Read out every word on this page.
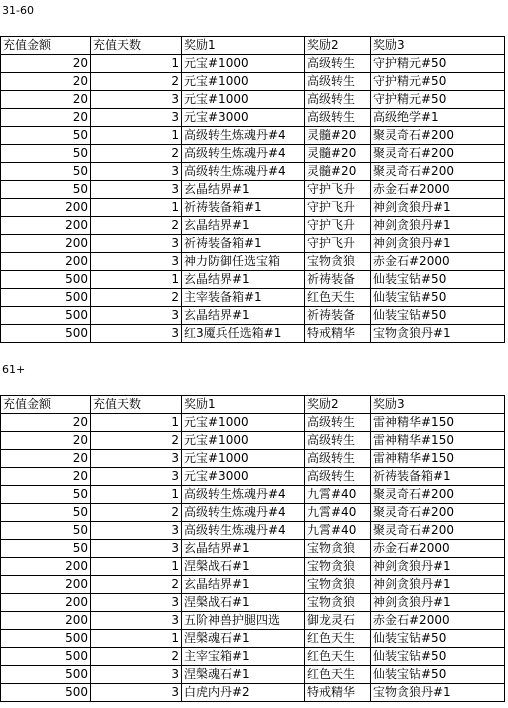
31-60
充值金额	充值天数	奖励1	奖励2	奖励3
20	1	元宝#1000	高级转生	守护精元#50
20	2	元宝#1000	高级转生	守护精元#50
20	3	元宝#1000	高级转生	守护精元#50
20	3	元宝#3000	高级转生	高级绝学#1
50	1	高级转生炼魂丹#4	灵髓#20	聚灵奇石#200
50	2	高级转生炼魂丹#4	灵髓#20	聚灵奇石#200
50	3	高级转生炼魂丹#4	灵髓#20	聚灵奇石#200
50	3	玄晶结界#1	守护飞升	赤金石#2000
200	1	祈祷装备箱#1	守护飞升	神剑贪狼丹#1
200	2	玄晶结界#1	守护飞升	神剑贪狼丹#1
200	3	祈祷装备箱#1	守护飞升	神剑贪狼丹#1
200	3	神力防御任选宝箱	宝物贪狼	赤金石#2000
500	1	玄晶结界#1	祈祷装备	仙装宝钻#50
500	2	主宰装备箱#1	红色天生	仙装宝钻#50
500	3	玄晶结界#1	祈祷装备	仙装宝钻#50
500	3	红3魇兵任选箱#1	特戒精华	宝物贪狼丹#1
61+
充值金额	充值天数	奖励1	奖励2	奖励3
20	1	元宝#1000	高级转生	雷神精华#150
20	2	元宝#1000	高级转生	雷神精华#150
20	3	元宝#1000	高级转生	雷神精华#150
20	3	元宝#3000	高级转生	祈祷装备箱#1
50	1	高级转生炼魂丹#4	九霄#40	聚灵奇石#200
50	2	高级转生炼魂丹#4	九霄#40	聚灵奇石#200
50	3	高级转生炼魂丹#4	九霄#40	聚灵奇石#200
50	3	玄晶结界#1	宝物贪狼	赤金石#2000
200	1	涅槃战石#1	宝物贪狼	神剑贪狼丹#1
200	2	玄晶结界#1	宝物贪狼	神剑贪狼丹#1
200	3	涅槃战石#1	宝物贪狼	神剑贪狼丹#1
200	3	五阶神兽护腿四选	御龙灵石	赤金石#2000
500	1	涅槃魂石#1	红色天生	仙装宝钻#50
500	2	主宰宝箱#1	红色天生	仙装宝钻#50
500	3	涅槃魂石#1	红色天生	仙装宝钻#50
500	3	白虎内丹#2	特戒精华	宝物贪狼丹#1
